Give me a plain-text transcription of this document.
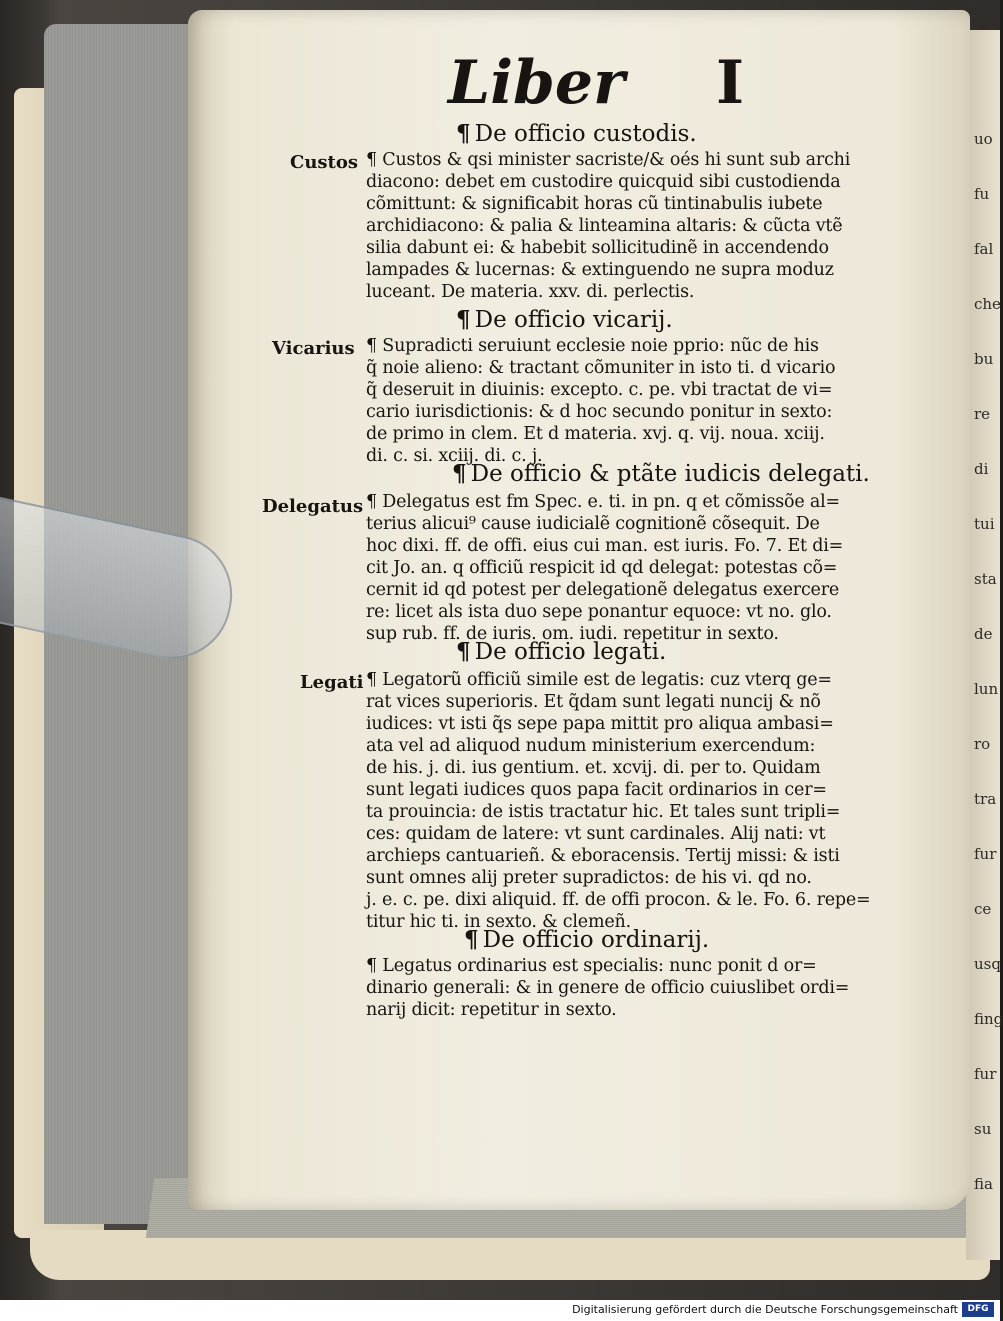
uo
fu
fal
che
bu
re
di
tui
sta
de
lun
ro
tra
fur
ce
usq
fing
fur
su
fia
Liber I
¶ De officio custodis.
Custos ¶ Custos & qsi minister sacriste/& oés hi sunt sub archi
diacono: debet em custodire quicquid sibi custodienda
cõmittunt: & significabit horas cũ tintinabulis iubete
archidiacono: & palia & linteamina altaris: & cũcta vtẽ
silia dabunt ei: & habebit sollicitudinẽ in accendendo
lampades & lucernas: & extinguendo ne supra moduz
luceant. De materia. xxv. di. perlectis.
¶ De officio vicarij.
Vicarius ¶ Supradicti seruiunt ecclesie noie pprio: nũc de his
q̃ noie alieno: & tractant cõmuniter in isto ti. d vicario
q̃ deseruit in diuinis: excepto. c. pe. vbi tractat de vi=
cario iurisdictionis: & d hoc secundo ponitur in sexto:
de primo in clem. Et d materia. xvj. q. vij. noua. xciij.
di. c. si. xciij. di. c. j.
¶ De officio & ptãte iudicis delegati.
Delegatus ¶ Delegatus est fm Spec. e. ti. in pn. q et cõmissõe al=
terius alicui⁹ cause iudicialẽ cognitionẽ cõsequit. De
hoc dixi. ff. de offi. eius cui man. est iuris. Fo. 7. Et di=
cit Jo. an. q officiũ respicit id qd delegat: potestas cõ=
cernit id qd potest per delegationẽ delegatus exercere
re: licet als ista duo sepe ponantur equoce: vt no. glo.
sup rub. ff. de iuris. om. iudi. repetitur in sexto.
¶ De officio legati.
Legati ¶ Legatorũ officiũ simile est de legatis: cuz vterq ge=
rat vices superioris. Et q̃dam sunt legati nuncij & nõ
iudices: vt isti q̃s sepe papa mittit pro aliqua ambasi=
ata vel ad aliquod nudum ministerium exercendum:
de his. j. di. ius gentium. et. xcvij. di. per to. Quidam
sunt legati iudices quos papa facit ordinarios in cer=
ta prouincia: de istis tractatur hic. Et tales sunt tripli=
ces: quidam de latere: vt sunt cardinales. Alij nati: vt
archieps cantuarieñ. & eboracensis. Tertij missi: & isti
sunt omnes alij preter supradictos: de his vi. qd no.
j. e. c. pe. dixi aliquid. ff. de offi procon. & le. Fo. 6. repe=
titur hic ti. in sexto. & clemeñ.
¶ De officio ordinarij.
¶ Legatus ordinarius est specialis: nunc ponit d or=
dinario generali: & in genere de officio cuiuslibet ordi=
narij dicit: repetitur in sexto.
Digitalisierung gefördert durch die Deutsche Forschungsgemeinschaft	DFG
